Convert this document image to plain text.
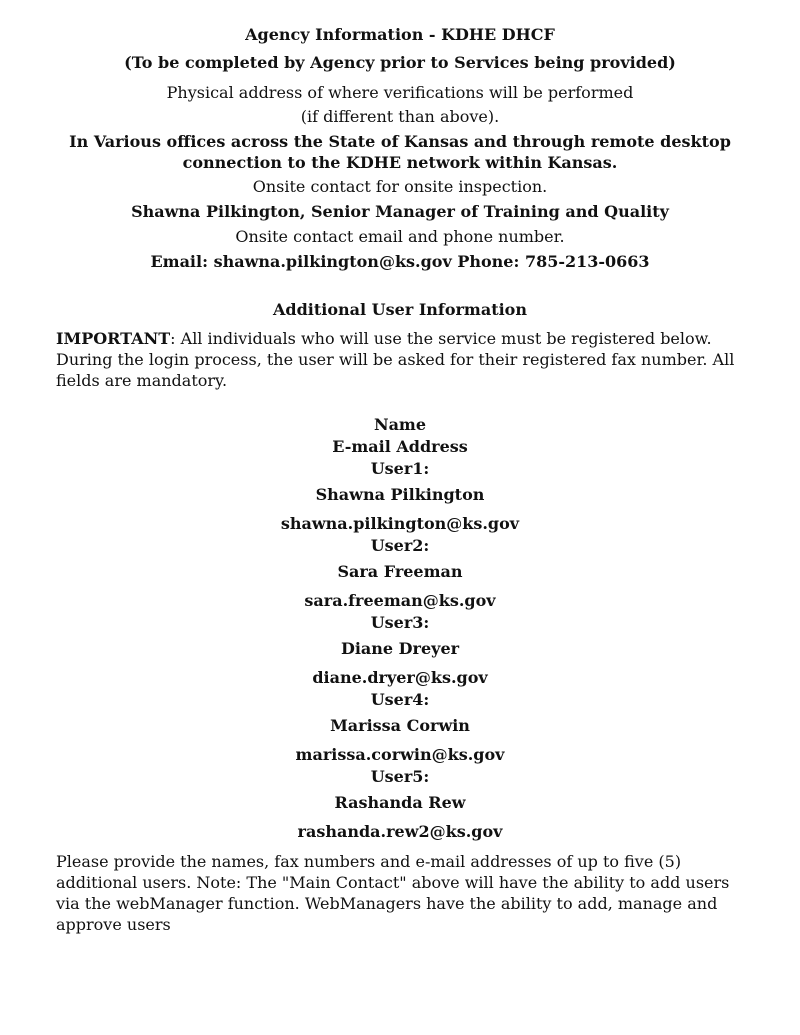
Agency Information - KDHE DHCF
(To be completed by Agency prior to Services being provided)
Physical address of where verifications will be performed
(if different than above).
In Various offices across the State of Kansas and through remote desktop connection to the KDHE network within Kansas.
Onsite contact for onsite inspection.
Shawna Pilkington, Senior Manager of Training and Quality
Onsite contact email and phone number.
Email: shawna.pilkington@ks.gov Phone: 785-213-0663
Additional User Information
IMPORTANT: All individuals who will use the service must be registered below. During the login process, the user will be asked for their registered fax number. All fields are mandatory.
Name
E-mail Address
User1:
Shawna Pilkington
shawna.pilkington@ks.gov
User2:
Sara Freeman
sara.freeman@ks.gov
User3:
Diane Dreyer
diane.dryer@ks.gov
User4:
Marissa Corwin
marissa.corwin@ks.gov
User5:
Rashanda Rew
rashanda.rew2@ks.gov
Please provide the names, fax numbers and e-mail addresses of up to five (5) additional users. Note: The "Main Contact" above will have the ability to add users via the webManager function. WebManagers have the ability to add, manage and approve users
